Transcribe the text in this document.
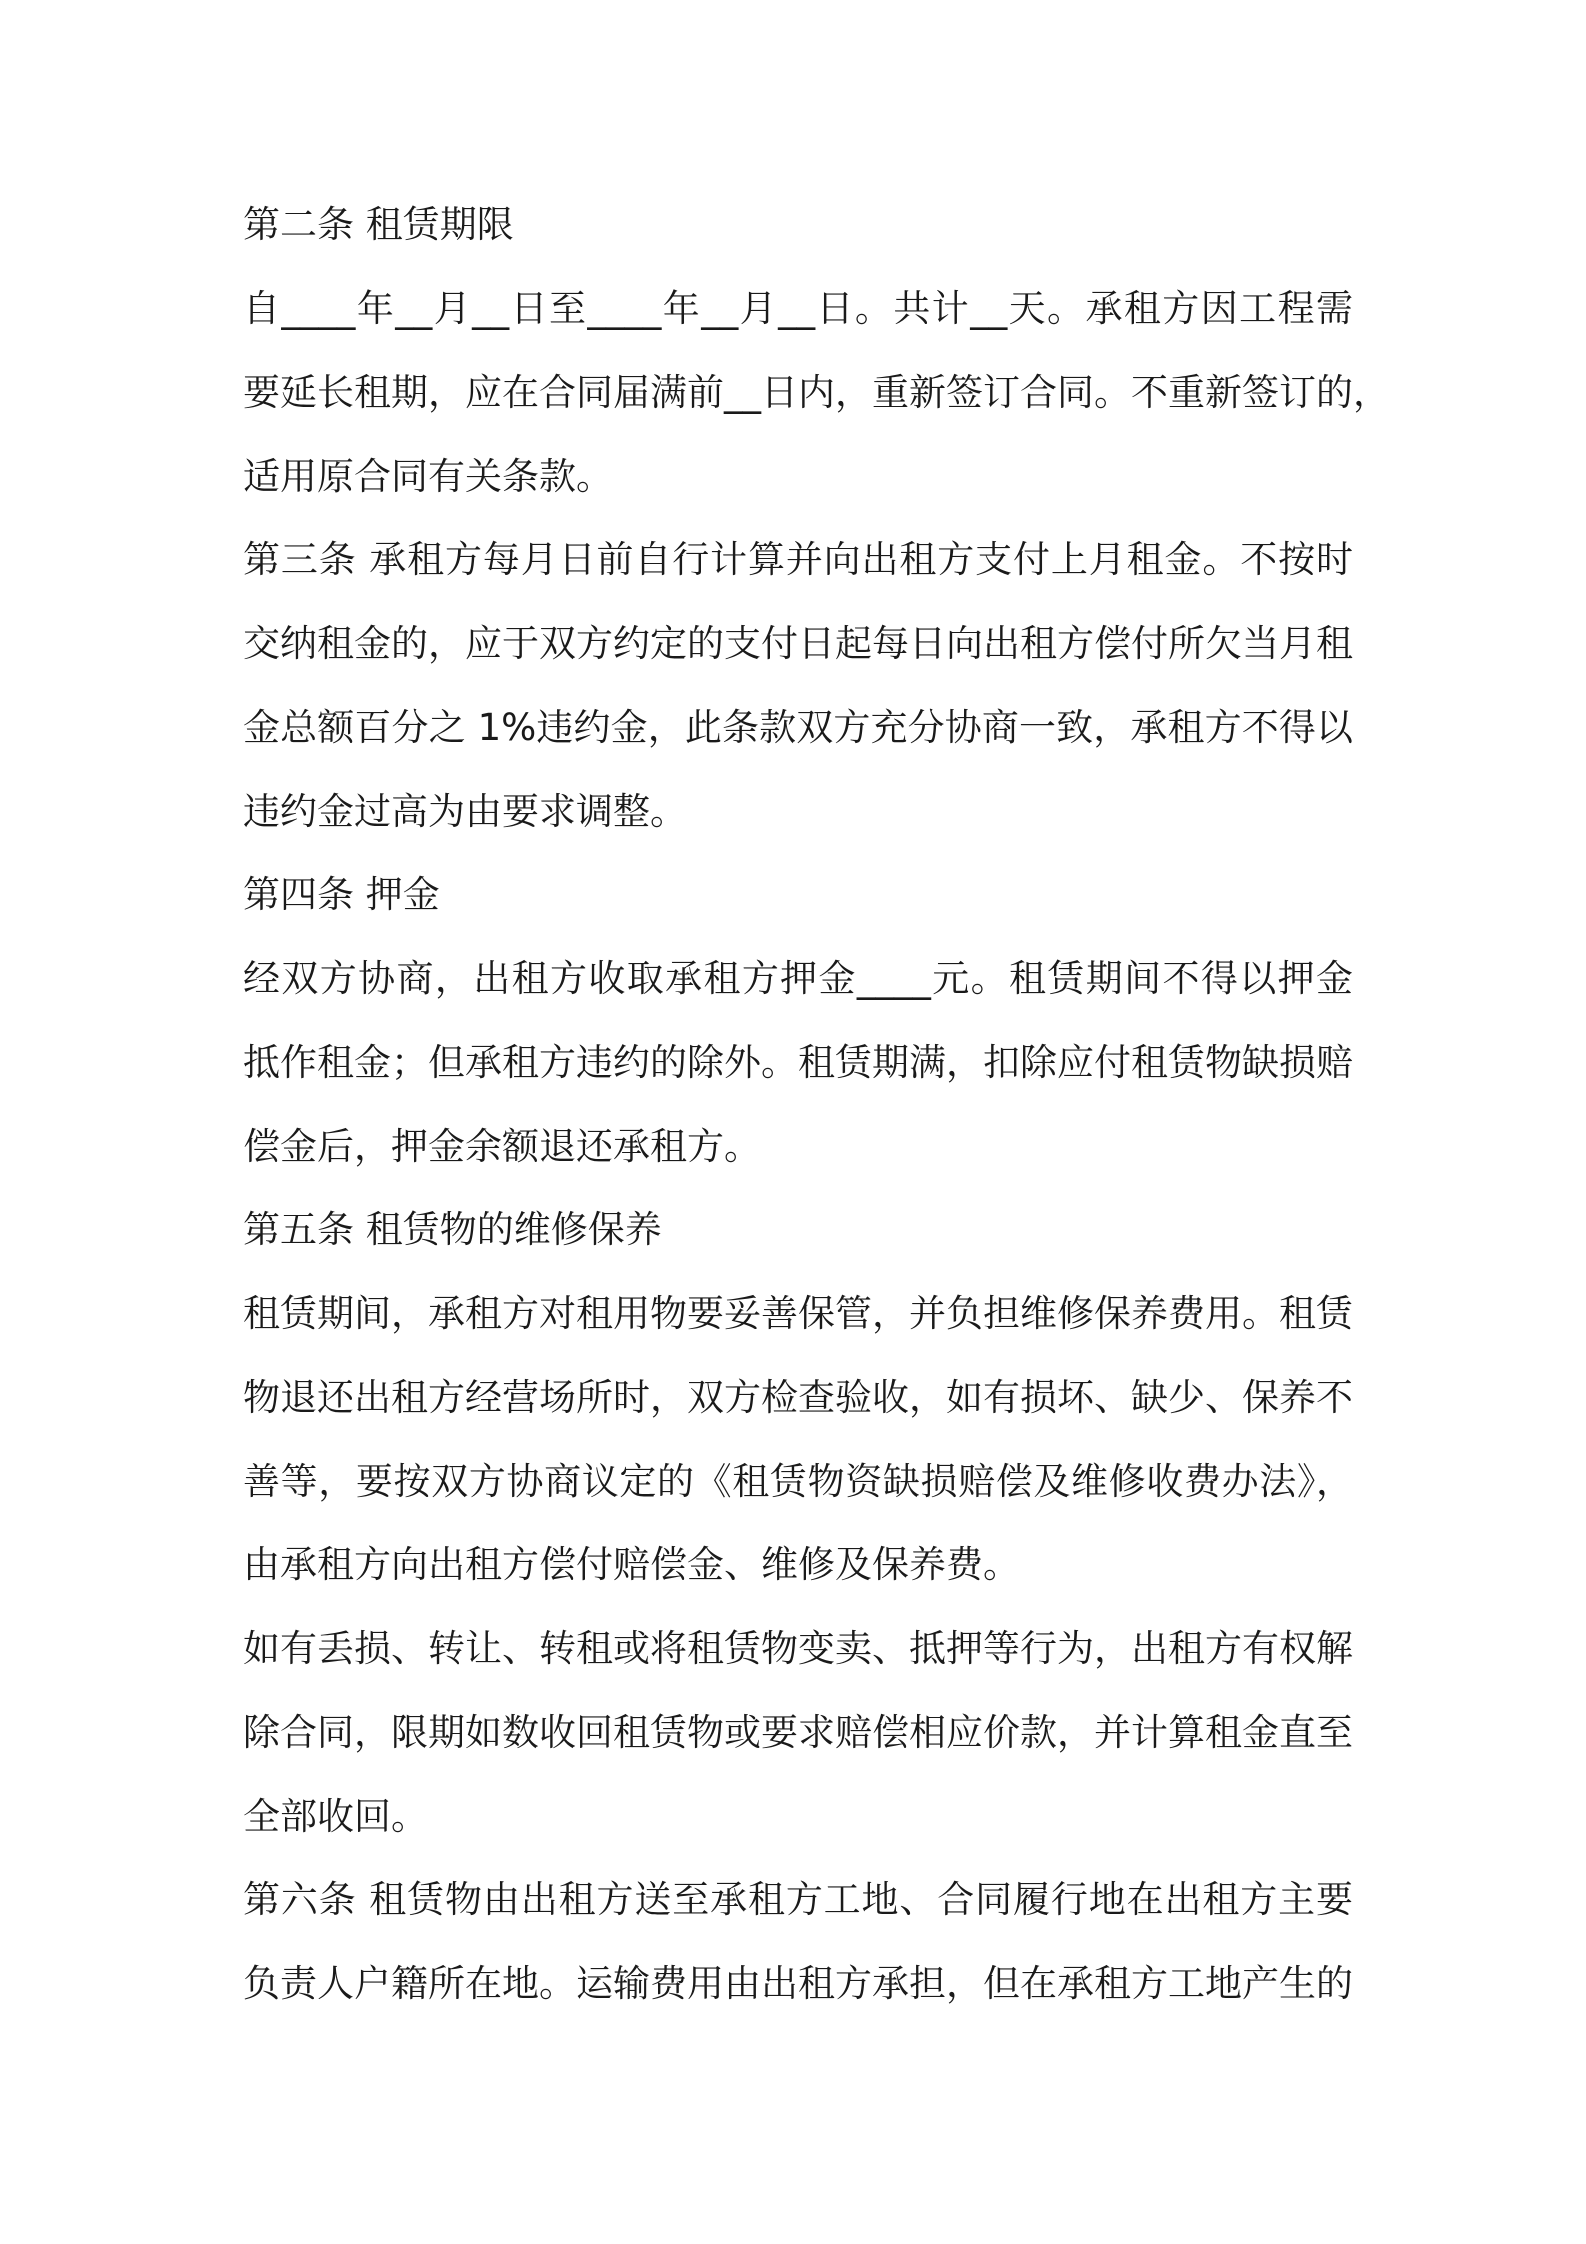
第二条 租赁期限
自____年__月__日至____年__月__日。共计__天。承租方因工程需
要延长租期，应在合同届满前__日内，重新签订合同。不重新签订的，
适用原合同有关条款。
第三条 承租方每月日前自行计算并向出租方支付上月租金。不按时
交纳租金的，应于双方约定的支付日起每日向出租方偿付所欠当月租
金总额百分之 1%违约金，此条款双方充分协商一致，承租方不得以
违约金过高为由要求调整。
第四条 押金
经双方协商，出租方收取承租方押金____元。租赁期间不得以押金
抵作租金；但承租方违约的除外。租赁期满，扣除应付租赁物缺损赔
偿金后，押金余额退还承租方。
第五条 租赁物的维修保养
租赁期间，承租方对租用物要妥善保管，并负担维修保养费用。租赁
物退还出租方经营场所时，双方检查验收，如有损坏、缺少、保养不
善等，要按双方协商议定的《租赁物资缺损赔偿及维修收费办法》，
由承租方向出租方偿付赔偿金、维修及保养费。
如有丢损、转让、转租或将租赁物变卖、抵押等行为，出租方有权解
除合同，限期如数收回租赁物或要求赔偿相应价款，并计算租金直至
全部收回。
第六条 租赁物由出租方送至承租方工地、合同履行地在出租方主要
负责人户籍所在地。运输费用由出租方承担，但在承租方工地产生的
